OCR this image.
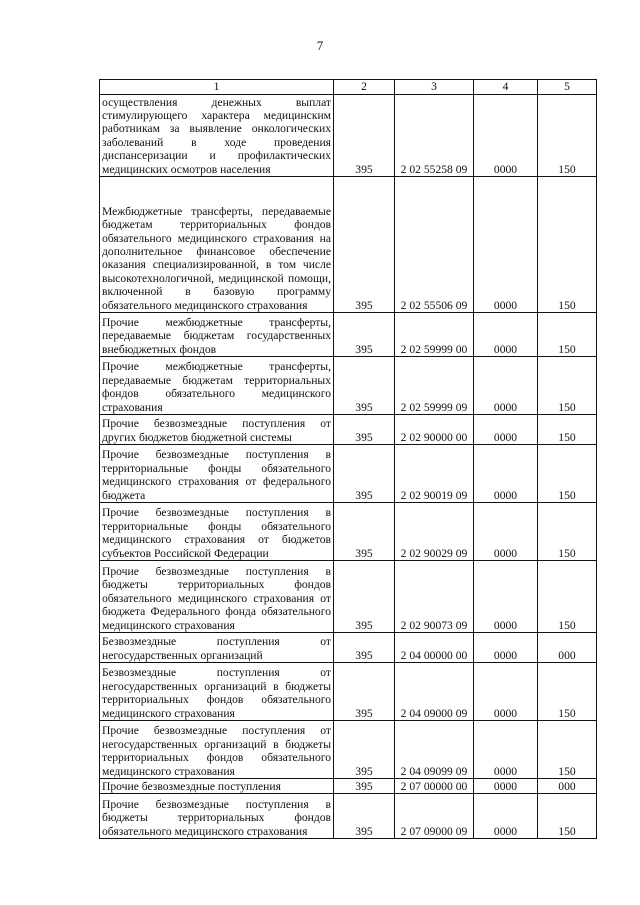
7
1	2	3	4	5
осуществления денежных выплат стимулирующего характера медицинским работникам за выявление онкологических заболеваний в ходе проведения диспансеризации и профилактических медицинских осмотров населения	395	2 02 55258 09	0000	150
Межбюджетные трансферты, передаваемые бюджетам территориальных фондов обязательного медицинского страхования на дополнительное финансовое обеспечение оказания специализированной, в том числе высокотехнологичной, медицинской помощи, включенной в базовую программу обязательного медицинского страхования	395	2 02 55506 09	0000	150
Прочие межбюджетные трансферты, передаваемые бюджетам государственных внебюджетных фондов	395	2 02 59999 00	0000	150
Прочие межбюджетные трансферты, передаваемые бюджетам территориальных фондов обязательного медицинского страхования	395	2 02 59999 09	0000	150
Прочие безвозмездные поступления от других бюджетов бюджетной системы	395	2 02 90000 00	0000	150
Прочие безвозмездные поступления в территориальные фонды обязательного медицинского страхования от федерального бюджета	395	2 02 90019 09	0000	150
Прочие безвозмездные поступления в территориальные фонды обязательного медицинского страхования от бюджетов субъектов Российской Федерации	395	2 02 90029 09	0000	150
Прочие безвозмездные поступления в бюджеты территориальных фондов обязательного медицинского страхования от бюджета Федерального фонда обязательного медицинского страхования	395	2 02 90073 09	0000	150
Безвозмездные поступления от негосударственных организаций	395	2 04 00000 00	0000	000
Безвозмездные поступления от негосударственных организаций в бюджеты территориальных фондов обязательного медицинского страхования	395	2 04 09000 09	0000	150
Прочие безвозмездные поступления от негосударственных организаций в бюджеты территориальных фондов обязательного медицинского страхования	395	2 04 09099 09	0000	150
Прочие безвозмездные поступления	395	2 07 00000 00	0000	000
Прочие безвозмездные поступления в бюджеты территориальных фондов обязательного медицинского страхования	395	2 07 09000 09	0000	150
